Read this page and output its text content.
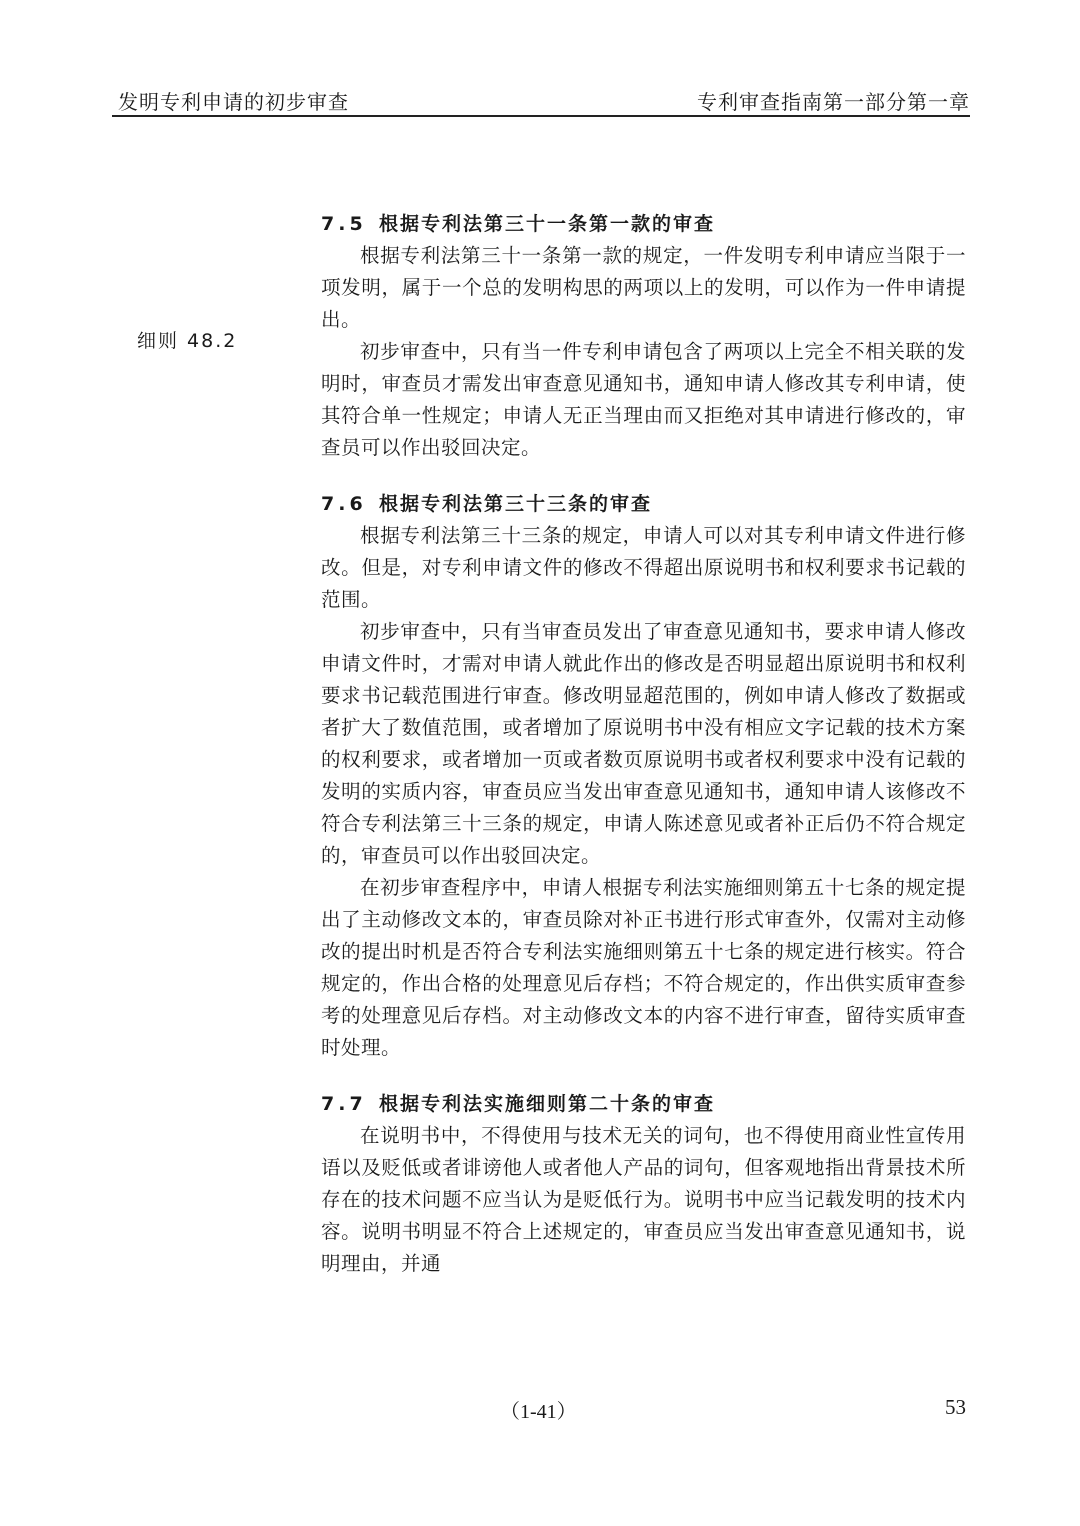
发明专利申请的初步审查	专利审查指南第一部分第一章
细则 48.2
7.5 根据专利法第三十一条第一款的审查

根据专利法第三十一条第一款的规定，一件发明专利申请应当限于一项发明，属于一个总的发明构思的两项以上的发明，可以作为一件申请提出。

初步审查中，只有当一件专利申请包含了两项以上完全不相关联的发明时，审查员才需发出审查意见通知书，通知申请人修改其专利申请，使其符合单一性规定；申请人无正当理由而又拒绝对其申请进行修改的，审查员可以作出驳回决定。

7.6 根据专利法第三十三条的审查

根据专利法第三十三条的规定，申请人可以对其专利申请文件进行修改。但是，对专利申请文件的修改不得超出原说明书和权利要求书记载的范围。

初步审查中，只有当审查员发出了审查意见通知书，要求申请人修改申请文件时，才需对申请人就此作出的修改是否明显超出原说明书和权利要求书记载范围进行审查。修改明显超范围的，例如申请人修改了数据或者扩大了数值范围，或者增加了原说明书中没有相应文字记载的技术方案的权利要求，或者增加一页或者数页原说明书或者权利要求中没有记载的发明的实质内容，审查员应当发出审查意见通知书，通知申请人该修改不符合专利法第三十三条的规定，申请人陈述意见或者补正后仍不符合规定的，审查员可以作出驳回决定。

在初步审查程序中，申请人根据专利法实施细则第五十七条的规定提出了主动修改文本的，审查员除对补正书进行形式审查外，仅需对主动修改的提出时机是否符合专利法实施细则第五十七条的规定进行核实。符合规定的，作出合格的处理意见后存档；不符合规定的，作出供实质审查参考的处理意见后存档。对主动修改文本的内容不进行审查，留待实质审查时处理。

7.7 根据专利法实施细则第二十条的审查

在说明书中，不得使用与技术无关的词句，也不得使用商业性宣传用语以及贬低或者诽谤他人或者他人产品的词句，但客观地指出背景技术所存在的技术问题不应当认为是贬低行为。说明书中应当记载发明的技术内容。说明书明显不符合上述规定的，审查员应当发出审查意见通知书，说明理由，并通

（1-41）	53
